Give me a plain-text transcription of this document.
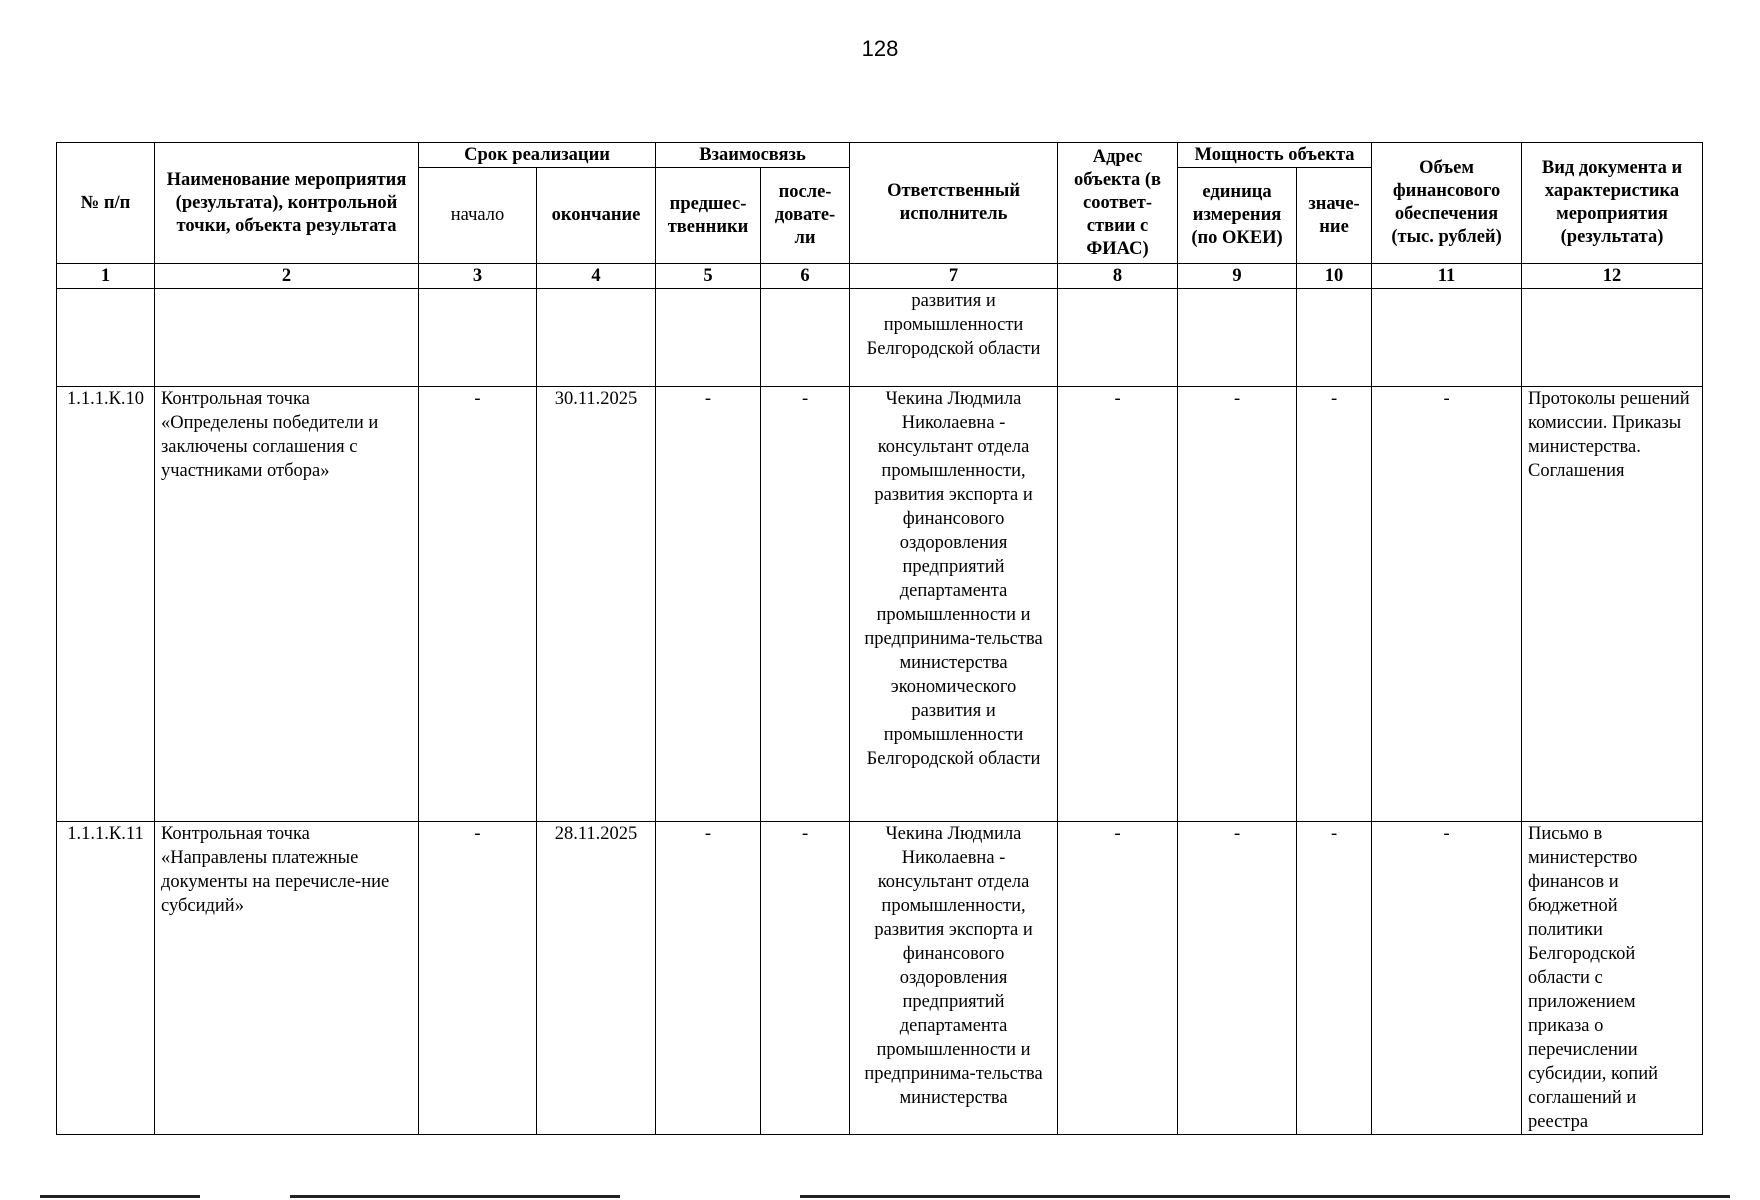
128
№ п/п	Наименование мероприятия (результата), контрольной точки, объекта результата	Срок реализации		Взаимосвязь		Ответственный исполнитель	Адрес объекта (в соответ-ствии с ФИАС)	Мощность объекта		Объем финансового обеспечения (тыс. рублей)	Вид документа и характеристика мероприятия (результата)
		начало	окончание	предшес-твенники	после-довате-ли			единица измерения (по ОКЕИ)	значе-ние		
1	2	3	4	5	6	7	8	9	10	11	12
						развития и промышленности Белгородской области					
1.1.1.К.10	Контрольная точка «Определены победители и заключены соглашения с участниками отбора»	-	30.11.2025	-	-	Чекина Людмила Николаевна - консультант отдела промышленности, развития экспорта и финансового оздоровления предприятий департамента промышленности и предпринима-тельства министерства экономического развития и промышленности Белгородской области	-	-	-	-	Протоколы решений комиссии. Приказы министерства. Соглашения
1.1.1.К.11	Контрольная точка «Направлены платежные документы на перечисле-ние субсидий»	-	28.11.2025	-	-	Чекина Людмила Николаевна - консультант отдела промышленности, развития экспорта и финансового оздоровления предприятий департамента промышленности и предпринима-тельства министерства	-	-	-	-	Письмо в министерство финансов и бюджетной политики Белгородской области с приложением приказа о перечислении субсидии, копий соглашений и реестра
